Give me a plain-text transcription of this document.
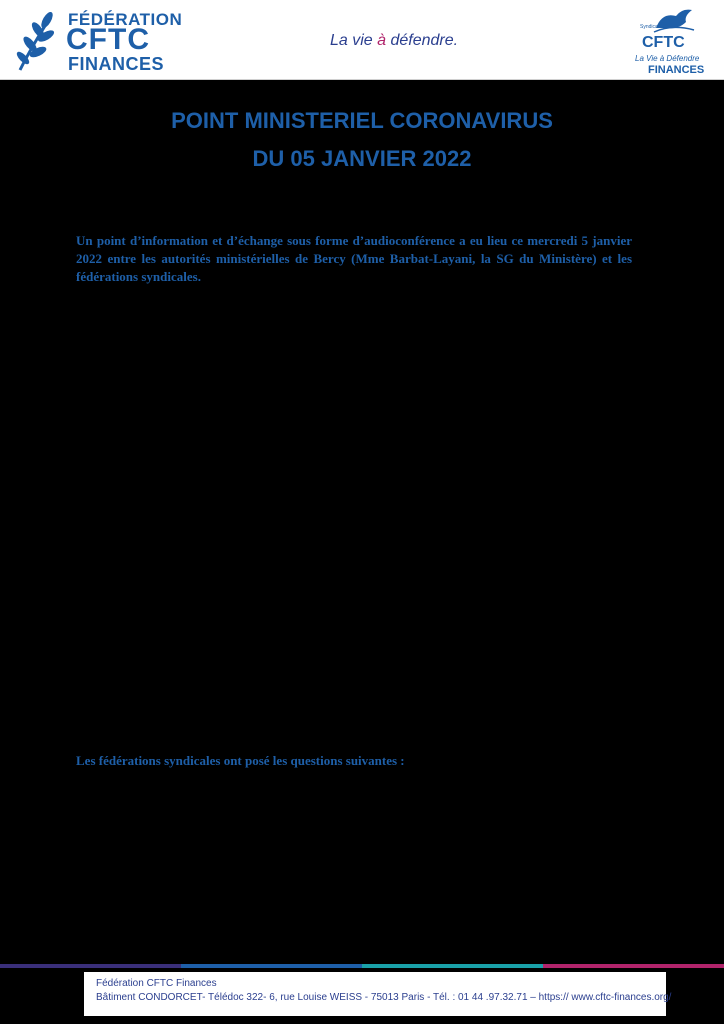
FÉDÉRATION
CFTC
FINANCES
La vie à défendre.
Syndicat
CFTC
La Vie à Défendre
FINANCES
POINT MINISTERIEL CORONAVIRUS
DU 05 JANVIER 2022

Un point d’information et d’échange sous forme d’audioconférence a eu lieu ce mercredi 5 janvier 2022 entre les autorités ministérielles de Bercy (Mme Barbat-Layani, la SG du Ministère) et les fédérations syndicales.

Les fédérations syndicales ont posé les questions suivantes :

Fédération CFTC Finances
Bâtiment CONDORCET- Télédoc 322- 6, rue Louise WEISS - 75013 Paris - Tél. : 01 44 .97.32.71 – https:// www.cftc-finances.org/
